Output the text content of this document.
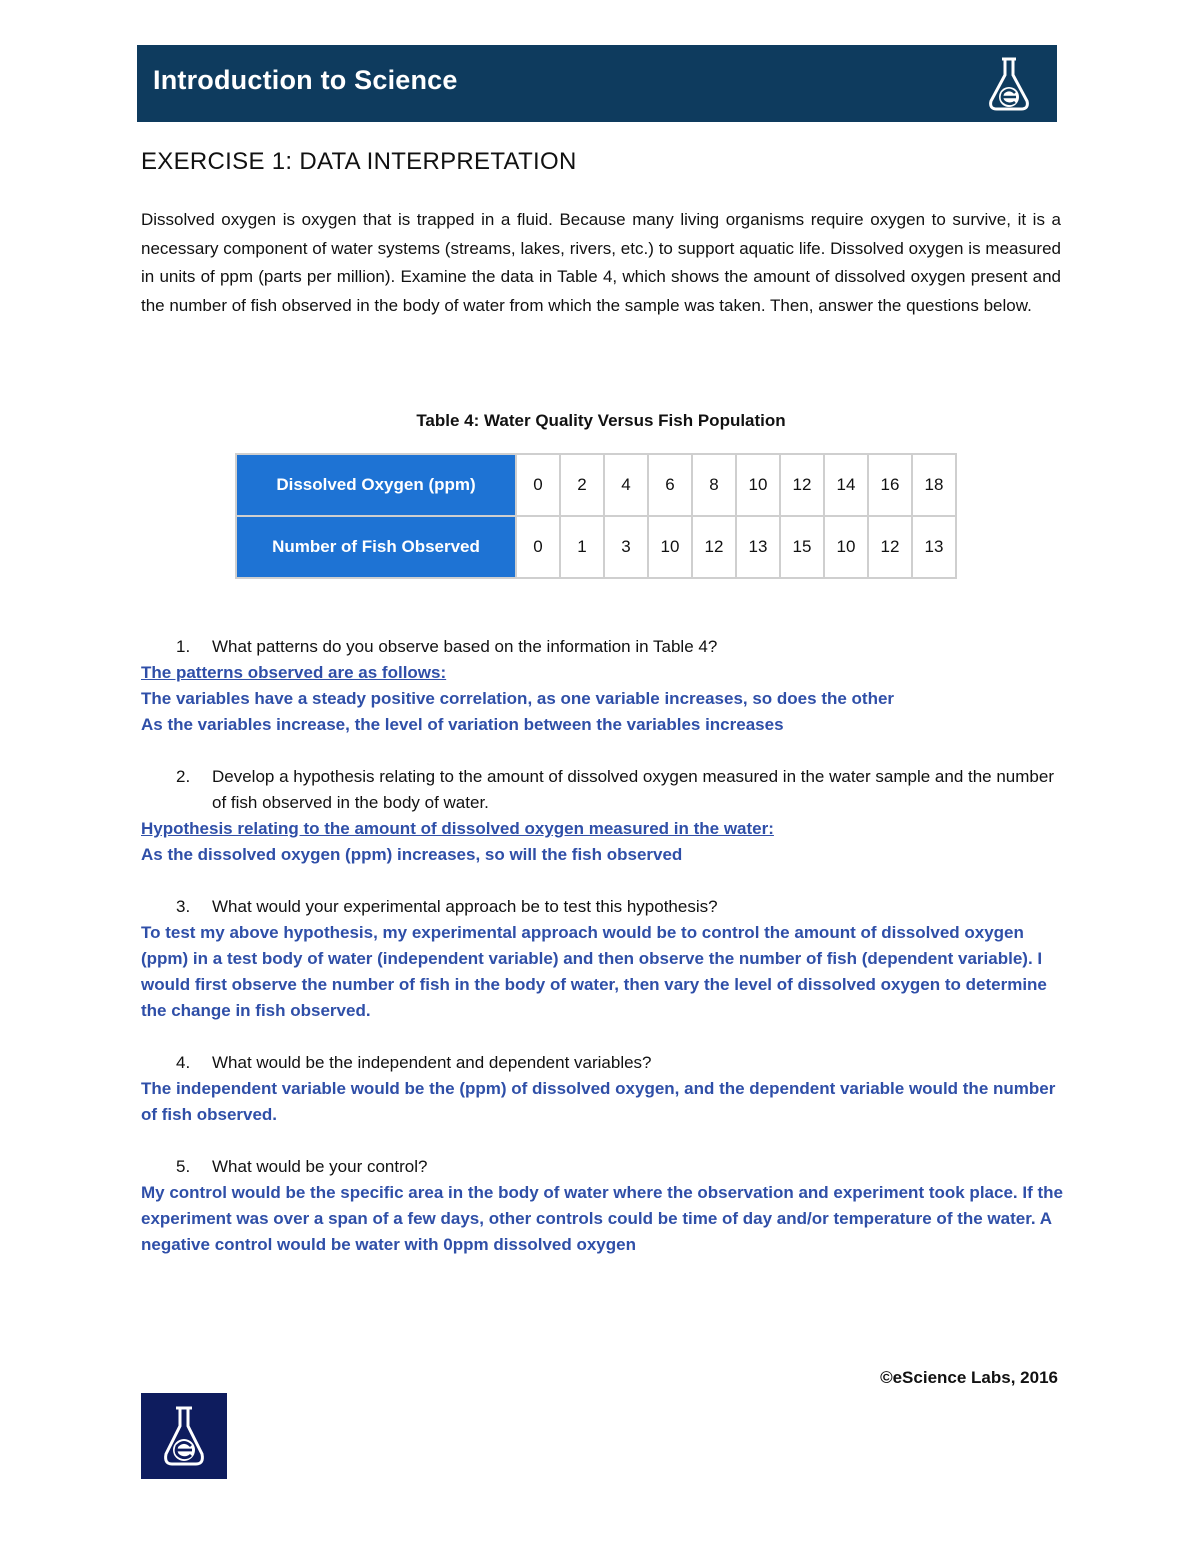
Introduction to Science
EXERCISE 1: DATA INTERPRETATION
Dissolved oxygen is oxygen that is trapped in a fluid. Because many living organisms require oxygen to survive, it is a necessary component of water systems (streams, lakes, rivers, etc.) to support aquatic life. Dissolved oxygen is measured in units of ppm (parts per million). Examine the data in Table 4, which shows the amount of dissolved oxygen present and the number of fish observed in the body of water from which the sample was taken. Then, answer the questions below.
Table 4: Water Quality Versus Fish Population
Dissolved Oxygen (ppm)	0	2	4	6	8	10	12	14	16	18
Number of Fish Observed	0	1	3	10	12	13	15	10	12	13
1.	What patterns do you observe based on the information in Table 4?
The patterns observed are as follows:
The variables have a steady positive correlation, as one variable increases, so does the other
As the variables increase, the level of variation between the variables increases
2.	Develop a hypothesis relating to the amount of dissolved oxygen measured in the water sample and the number of fish observed in the body of water.
Hypothesis relating to the amount of dissolved oxygen measured in the water:
As the dissolved oxygen (ppm) increases, so will the fish observed
3.	What would your experimental approach be to test this hypothesis?
To test my above hypothesis, my experimental approach would be to control the amount of dissolved oxygen (ppm) in a test body of water (independent variable) and then observe the number of fish (dependent variable). I would first observe the number of fish in the body of water, then vary the level of dissolved oxygen to determine the change in fish observed.
4.	What would be the independent and dependent variables?
The independent variable would be the (ppm) of dissolved oxygen, and the dependent variable would the number of fish observed.
5.	What would be your control?
My control would be the specific area in the body of water where the observation and experiment took place. If the experiment was over a span of a few days, other controls could be time of day and/or temperature of the water. A negative control would be water with 0ppm dissolved oxygen
©eScience Labs, 2016
